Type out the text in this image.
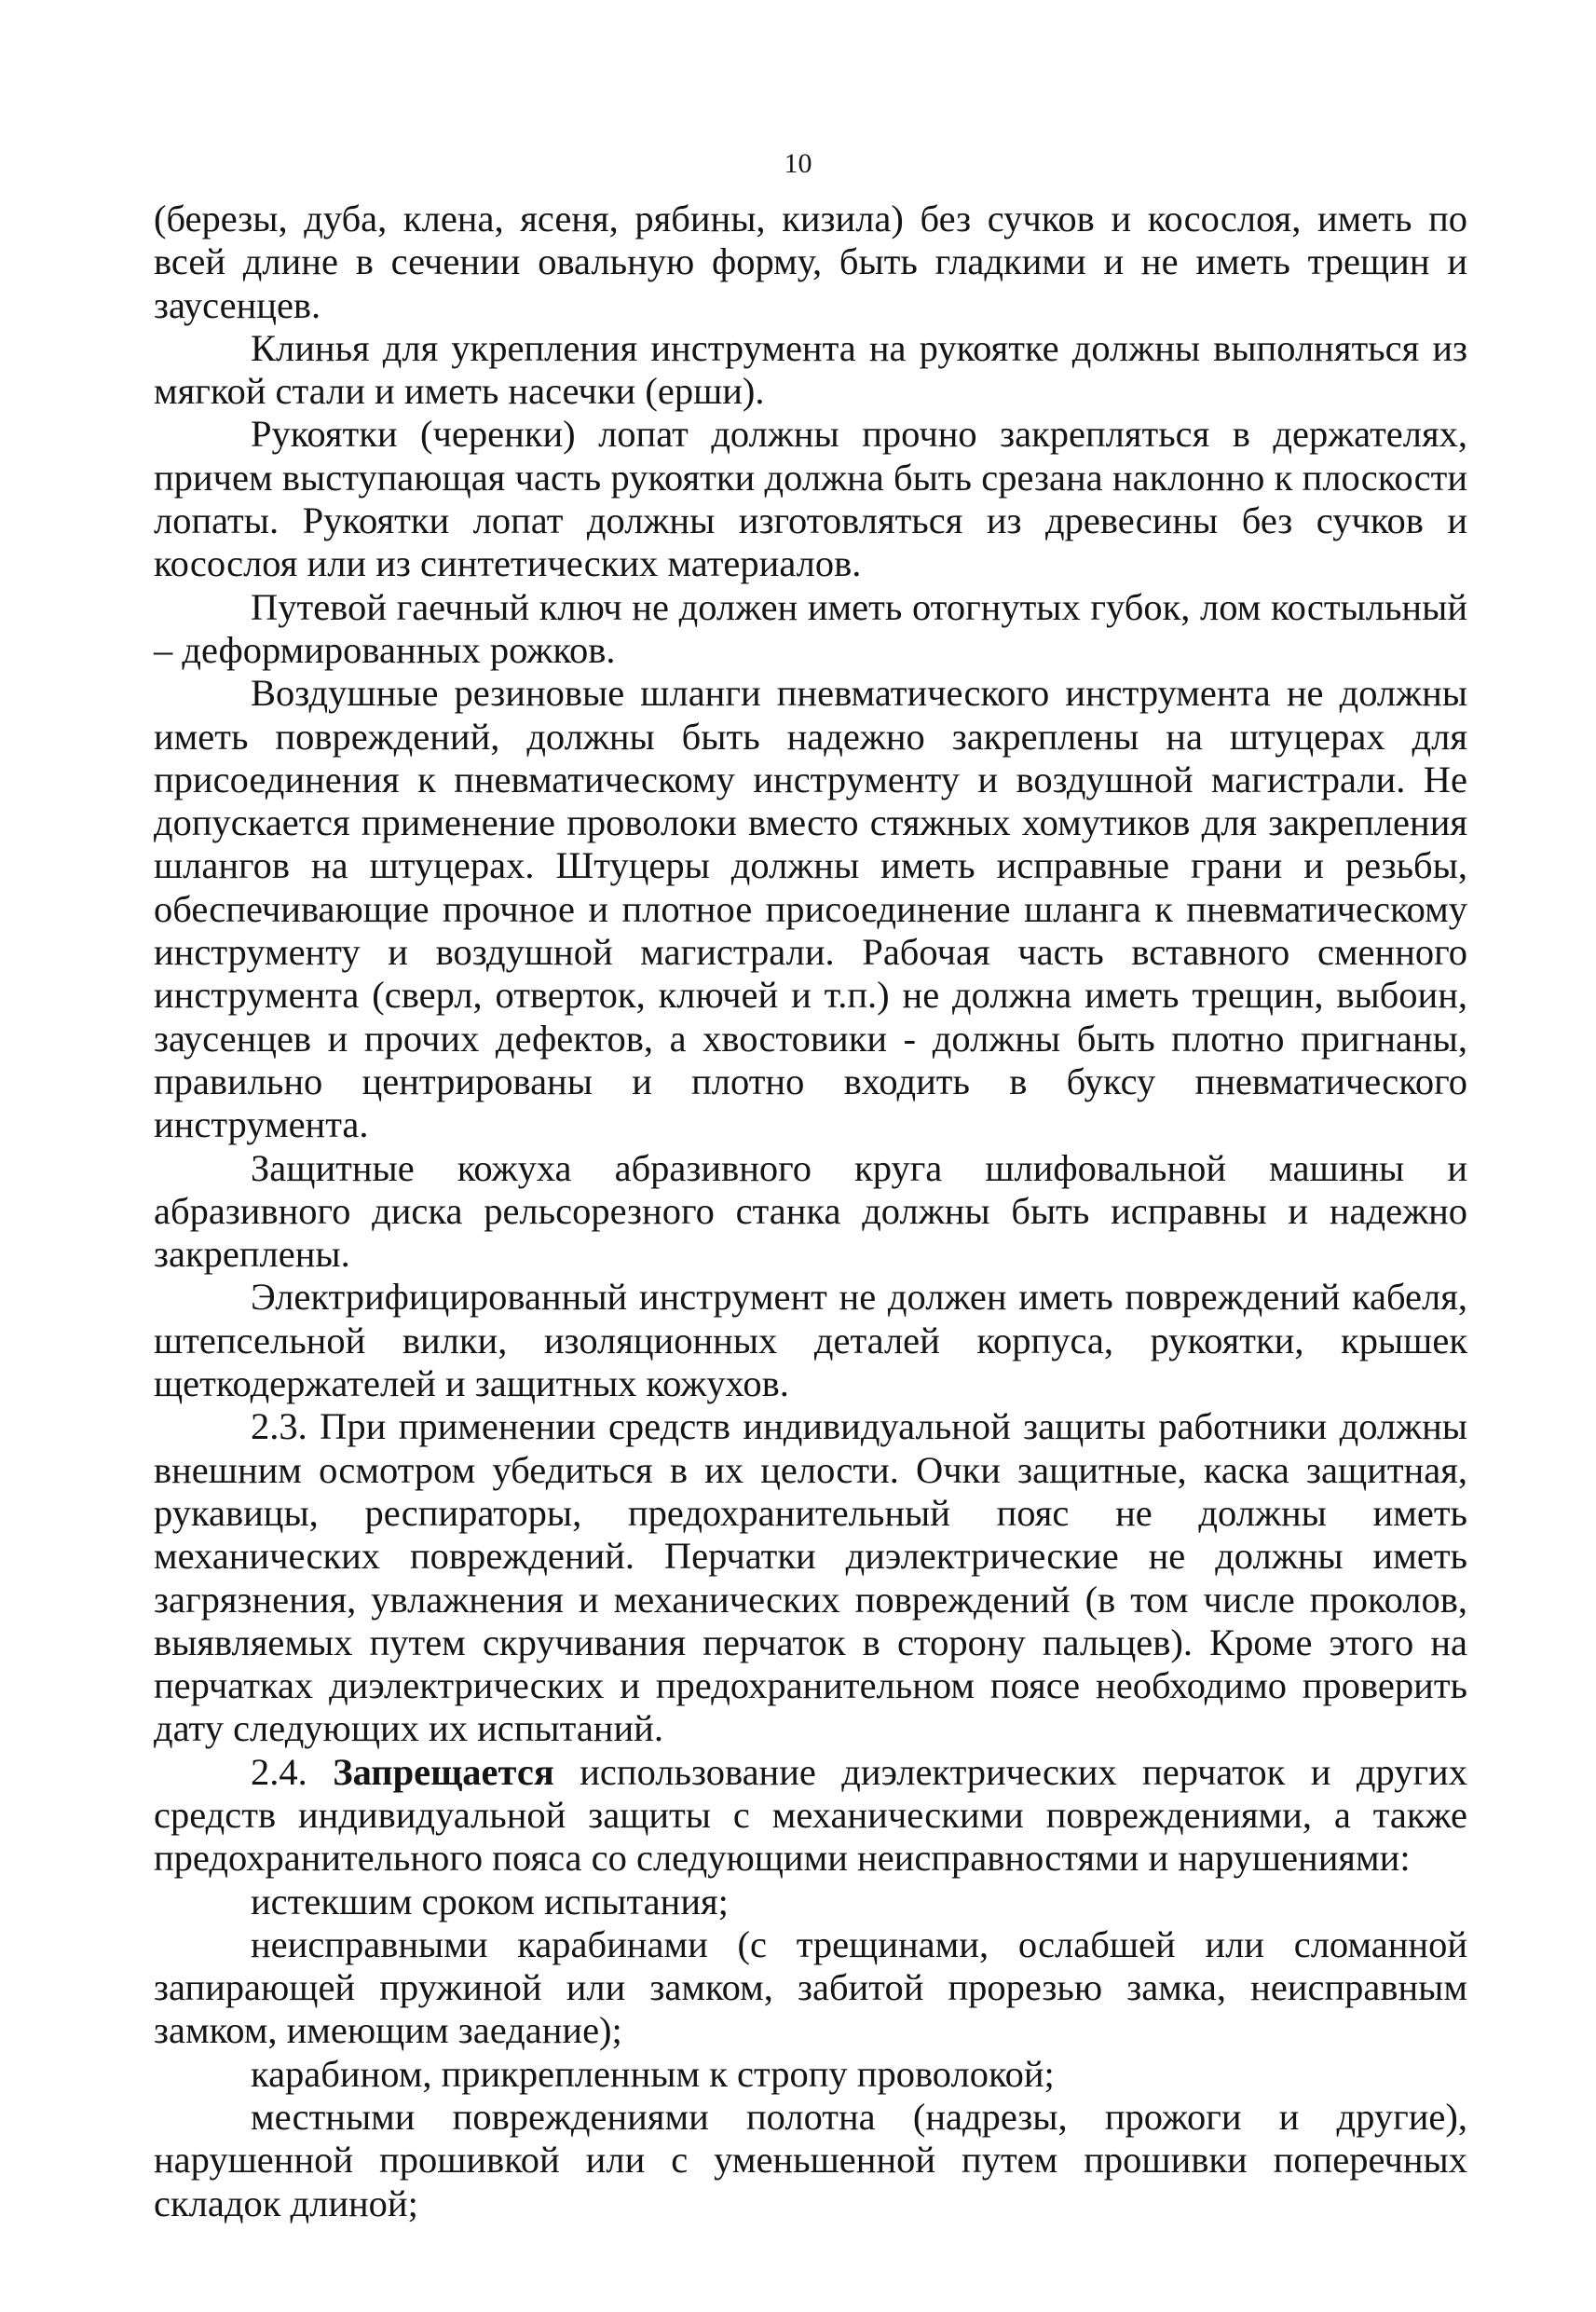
10

(березы, дуба, клена, ясеня, рябины, кизила) без сучков и косослоя, иметь по всей длине в сечении овальную форму, быть гладкими и не иметь трещин и заусенцев.

Клинья для укрепления инструмента на рукоятке должны выполняться из мягкой стали и иметь насечки (ерши).

Рукоятки (черенки) лопат должны прочно закрепляться в держателях, причем выступающая часть рукоятки должна быть срезана наклонно к плоскости лопаты. Рукоятки лопат должны изготовляться из древесины без сучков и косослоя или из синтетических материалов.

Путевой гаечный ключ не должен иметь отогнутых губок, лом костыльный – деформированных рожков.

Воздушные резиновые шланги пневматического инструмента не должны иметь повреждений, должны быть надежно закреплены на штуцерах для присоединения к пневматическому инструменту и воздушной магистрали. Не допускается применение проволоки вместо стяжных хомутиков для закрепления шлангов на штуцерах. Штуцеры должны иметь исправные грани и резьбы, обеспечивающие прочное и плотное присоединение шланга к пневматическому инструменту и воздушной магистрали. Рабочая часть вставного сменного инструмента (сверл, отверток, ключей и т.п.) не должна иметь трещин, выбоин, заусенцев и прочих дефектов, а хвостовики - должны быть плотно пригнаны, правильно центрированы и плотно входить в буксу пневматического инструмента.

Защитные кожуха абразивного круга шлифовальной машины и абразивного диска рельсорезного станка должны быть исправны и надежно закреплены.

Электрифицированный инструмент не должен иметь повреждений кабеля, штепсельной вилки, изоляционных деталей корпуса, рукоятки, крышек щеткодержателей и защитных кожухов.

2.3. При применении средств индивидуальной защиты работники должны внешним осмотром убедиться в их целости. Очки защитные, каска защитная, рукавицы, респираторы, предохранительный пояс не должны иметь механических повреждений. Перчатки диэлектрические не должны иметь загрязнения, увлажнения и механических повреждений (в том числе проколов, выявляемых путем скручивания перчаток в сторону пальцев). Кроме этого на перчатках диэлектрических и предохранительном поясе необходимо проверить дату следующих их испытаний.

2.4. Запрещается использование диэлектрических перчаток и других средств индивидуальной защиты с механическими повреждениями, а также предохранительного пояса со следующими неисправностями и нарушениями:

истекшим сроком испытания;

неисправными карабинами (с трещинами, ослабшей или сломанной запирающей пружиной или замком, забитой прорезью замка, неисправным замком, имеющим заедание);

карабином, прикрепленным к стропу проволокой;

местными повреждениями полотна (надрезы, прожоги и другие), нарушенной прошивкой или с уменьшенной путем прошивки поперечных складок длиной;
